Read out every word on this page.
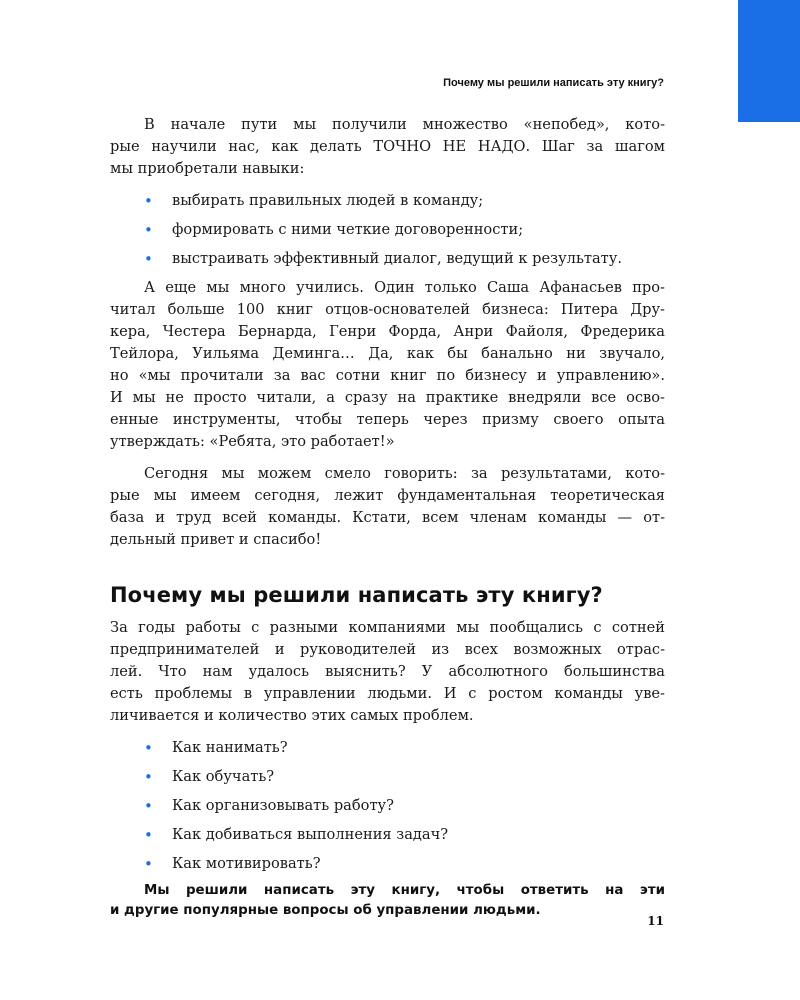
Почему мы решили написать эту книгу?

В начале пути мы получили множество «непобед», кото-
рые научили нас, как делать ТОЧНО НЕ НАДО. Шаг за шагом
мы приобретали навыки:

• выбирать правильных людей в команду;
• формировать с ними четкие договоренности;
• выстраивать эффективный диалог, ведущий к результату.

А еще мы много учились. Один только Саша Афанасьев про-
читал больше 100 книг отцов-основателей бизнеса: Питера Дру-
кера, Честера Бернарда, Генри Форда, Анри Файоля, Фредерика
Тейлора, Уильяма Деминга… Да, как бы банально ни звучало,
но «мы прочитали за вас сотни книг по бизнесу и управлению».
И мы не просто читали, а сразу на практике внедряли все осво-
енные инструменты, чтобы теперь через призму своего опыта
утверждать: «Ребята, это работает!»

Сегодня мы можем смело говорить: за результатами, кото-
рые мы имеем сегодня, лежит фундаментальная теоретическая
база и труд всей команды. Кстати, всем членам команды — от-
дельный привет и спасибо!

Почему мы решили написать эту книгу?

За годы работы с разными компаниями мы пообщались с сотней
предпринимателей и руководителей из всех возможных отрас-
лей. Что нам удалось выяснить? У абсолютного большинства
есть проблемы в управлении людьми. И с ростом команды уве-
личивается и количество этих самых проблем.

• Как нанимать?
• Как обучать?
• Как организовывать работу?
• Как добиваться выполнения задач?
• Как мотивировать?

Мы решили написать эту книгу, чтобы ответить на эти
и другие популярные вопросы об управлении людьми.

11
